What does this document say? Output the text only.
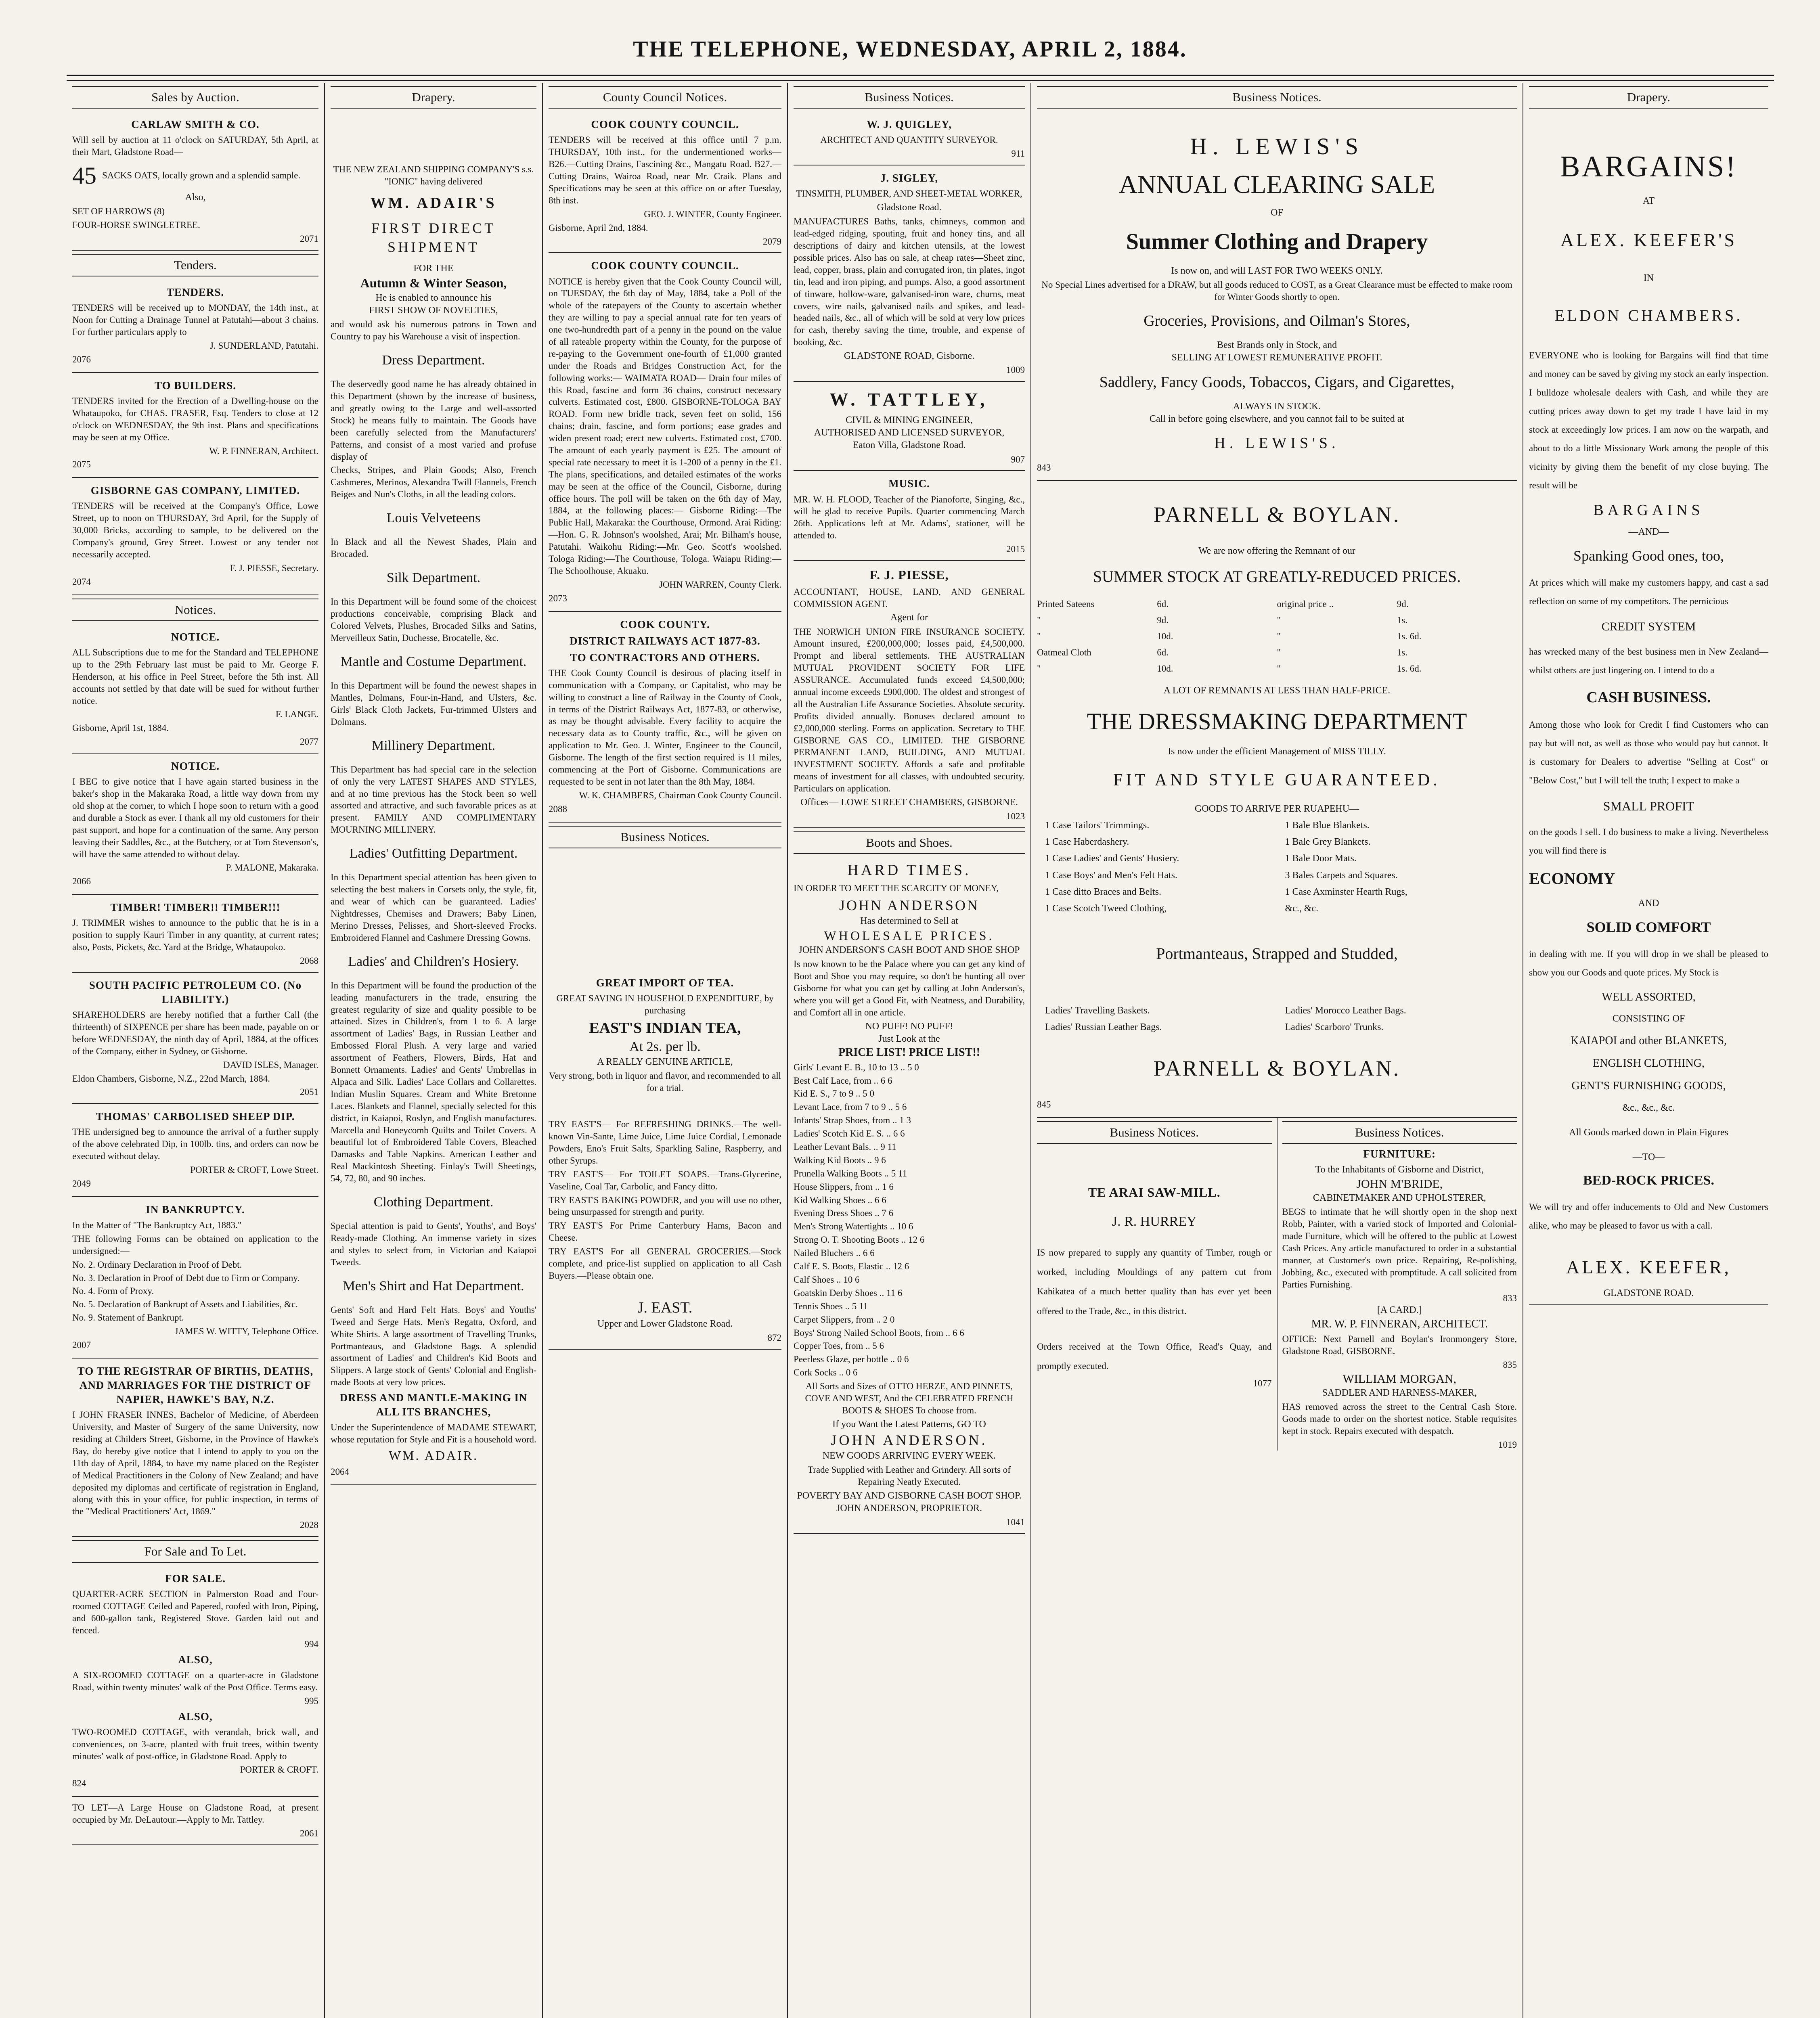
THE TELEPHONE, WEDNESDAY, APRIL 2, 1884.
Sales by Auction.
CARLAW SMITH & CO.
Will sell by auction at 11 o'clock on SATURDAY, 5th April, at their Mart, Gladstone Road—
45 SACKS OATS, locally grown and a splendid sample.
Also,
SET OF HARROWS (8)
FOUR-HORSE SWINGLETREE.
2071
Tenders.
TENDERS.
TENDERS will be received up to MONDAY, the 14th inst., at Noon for Cutting a Drainage Tunnel at Patutahi—about 3 chains. For further particulars apply to
J. SUNDERLAND, Patutahi.
2076
TO BUILDERS.
TENDERS invited for the Erection of a Dwelling-house on the Whataupoko, for CHAS. FRASER, Esq. Tenders to close at 12 o'clock on WEDNESDAY, the 9th inst. Plans and specifications may be seen at my Office.
W. P. FINNERAN, Architect.
2075
GISBORNE GAS COMPANY, LIMITED.
TENDERS will be received at the Company's Office, Lowe Street, up to noon on THURSDAY, 3rd April, for the Supply of 30,000 Bricks, according to sample, to be delivered on the Company's ground, Grey Street. Lowest or any tender not necessarily accepted.
F. J. PIESSE, Secretary.
2074
Notices.
NOTICE.
ALL Subscriptions due to me for the Standard and TELEPHONE up to the 29th February last must be paid to Mr. George F. Henderson, at his office in Peel Street, before the 5th inst. All accounts not settled by that date will be sued for without further notice.
F. LANGE.
Gisborne, April 1st, 1884.
2077
NOTICE.
I BEG to give notice that I have again started business in the baker's shop in the Makaraka Road, a little way down from my old shop at the corner, to which I hope soon to return with a good and durable a Stock as ever. I thank all my old customers for their past support, and hope for a continuation of the same. Any person leaving their Saddles, &c., at the Butchery, or at Tom Stevenson's, will have the same attended to without delay.
P. MALONE, Makaraka.
2066
TIMBER! TIMBER!! TIMBER!!!
J. TRIMMER wishes to announce to the public that he is in a position to supply Kauri Timber in any quantity, at current rates; also, Posts, Pickets, &c. Yard at the Bridge, Whataupoko.
2068
SOUTH PACIFIC PETROLEUM CO. (No LIABILITY.)
SHAREHOLDERS are hereby notified that a further Call (the thirteenth) of SIXPENCE per share has been made, payable on or before WEDNESDAY, the ninth day of April, 1884, at the offices of the Company, either in Sydney, or Gisborne.
DAVID ISLES, Manager.
Eldon Chambers, Gisborne, N.Z., 22nd March, 1884.
2051
THOMAS' CARBOLISED SHEEP DIP.
THE undersigned beg to announce the arrival of a further supply of the above celebrated Dip, in 100lb. tins, and orders can now be executed without delay.
PORTER & CROFT, Lowe Street.
2049
IN BANKRUPTCY.
In the Matter of "The Bankruptcy Act, 1883."
THE following Forms can be obtained on application to the undersigned:—
No. 2. Ordinary Declaration in Proof of Debt.
No. 3. Declaration in Proof of Debt due to Firm or Company.
No. 4. Form of Proxy.
No. 5. Declaration of Bankrupt of Assets and Liabilities, &c.
No. 9. Statement of Bankrupt.
JAMES W. WITTY, Telephone Office.
2007
TO THE REGISTRAR OF BIRTHS, DEATHS, AND MARRIAGES FOR THE DISTRICT OF NAPIER, HAWKE'S BAY, N.Z.
I JOHN FRASER INNES, Bachelor of Medicine, of Aberdeen University, and Master of Surgery of the same University, now residing at Childers Street, Gisborne, in the Province of Hawke's Bay, do hereby give notice that I intend to apply to you on the 11th day of April, 1884, to have my name placed on the Register of Medical Practitioners in the Colony of New Zealand; and have deposited my diplomas and certificate of registration in England, along with this in your office, for public inspection, in terms of the "Medical Practitioners' Act, 1869."
2028
For Sale and To Let.
FOR SALE.
QUARTER-ACRE SECTION in Palmerston Road and Four-roomed COTTAGE Ceiled and Papered, roofed with Iron, Piping, and 600-gallon tank, Registered Stove. Garden laid out and fenced.
994
ALSO,
A SIX-ROOMED COTTAGE on a quarter-acre in Gladstone Road, within twenty minutes' walk of the Post Office. Terms easy.
995
ALSO,
TWO-ROOMED COTTAGE, with verandah, brick wall, and conveniences, on 3-acre, planted with fruit trees, within twenty minutes' walk of post-office, in Gladstone Road. Apply to
PORTER & CROFT.
824
TO LET—A Large House on Gladstone Road, at present occupied by Mr. DeLautour.—Apply to Mr. Tattley.
2061
Drapery.
THE NEW ZEALAND SHIPPING COMPANY'S s.s. "IONIC" having delivered
WM. ADAIR'S
FIRST DIRECT SHIPMENT
FOR THE
Autumn & Winter Season,
He is enabled to announce his
FIRST SHOW OF NOVELTIES,
and would ask his numerous patrons in Town and Country to pay his Warehouse a visit of inspection.
Dress Department.
The deservedly good name he has already obtained in this Department (shown by the increase of business, and greatly owing to the Large and well-assorted Stock) he means fully to maintain. The Goods have been carefully selected from the Manufacturers' Patterns, and consist of a most varied and profuse display of
Checks, Stripes, and Plain Goods; Also, French Cashmeres, Merinos, Alexandra Twill Flannels, French Beiges and Nun's Cloths, in all the leading colors.
Louis Velveteens
In Black and all the Newest Shades, Plain and Brocaded.
Silk Department.
In this Department will be found some of the choicest productions conceivable, comprising Black and Colored Velvets, Plushes, Brocaded Silks and Satins, Merveilleux Satin, Duchesse, Brocatelle, &c.
Mantle and Costume Department.
In this Department will be found the newest shapes in Mantles, Dolmans, Four-in-Hand, and Ulsters, &c. Girls' Black Cloth Jackets, Fur-trimmed Ulsters and Dolmans.
Millinery Department.
This Department has had special care in the selection of only the very LATEST SHAPES AND STYLES, and at no time previous has the Stock been so well assorted and attractive, and such favorable prices as at present. FAMILY AND COMPLIMENTARY MOURNING MILLINERY.
Ladies' Outfitting Department.
In this Department special attention has been given to selecting the best makers in Corsets only, the style, fit, and wear of which can be guaranteed. Ladies' Nightdresses, Chemises and Drawers; Baby Linen, Merino Dresses, Pelisses, and Short-sleeved Frocks. Embroidered Flannel and Cashmere Dressing Gowns.
Ladies' and Children's Hosiery.
In this Department will be found the production of the leading manufacturers in the trade, ensuring the greatest regularity of size and quality possible to be attained. Sizes in Children's, from 1 to 6. A large assortment of Ladies' Bags, in Russian Leather and Embossed Floral Plush. A very large and varied assortment of Feathers, Flowers, Birds, Hat and Bonnett Ornaments. Ladies' and Gents' Umbrellas in Alpaca and Silk. Ladies' Lace Collars and Collarettes. Indian Muslin Squares. Cream and White Bretonne Laces. Blankets and Flannel, specially selected for this district, in Kaiapoi, Roslyn, and English manufactures. Marcella and Honeycomb Quilts and Toilet Covers. A beautiful lot of Embroidered Table Covers, Bleached Damasks and Table Napkins. American Leather and Real Mackintosh Sheeting. Finlay's Twill Sheetings, 54, 72, 80, and 90 inches.
Clothing Department.
Special attention is paid to Gents', Youths', and Boys' Ready-made Clothing. An immense variety in sizes and styles to select from, in Victorian and Kaiapoi Tweeds.
Men's Shirt and Hat Department.
Gents' Soft and Hard Felt Hats. Boys' and Youths' Tweed and Serge Hats. Men's Regatta, Oxford, and White Shirts. A large assortment of Travelling Trunks, Portmanteaus, and Gladstone Bags. A splendid assortment of Ladies' and Children's Kid Boots and Slippers. A large stock of Gents' Colonial and English-made Boots at very low prices.
DRESS AND MANTLE-MAKING IN ALL ITS BRANCHES,
Under the Superintendence of MADAME STEWART, whose reputation for Style and Fit is a household word.
WM. ADAIR.
2064
County Council Notices.
COOK COUNTY COUNCIL.
TENDERS will be received at this office until 7 p.m. THURSDAY, 10th inst., for the undermentioned works— B26.—Cutting Drains, Fascining &c., Mangatu Road. B27.—Cutting Drains, Wairoa Road, near Mr. Craik. Plans and Specifications may be seen at this office on or after Tuesday, 8th inst.
GEO. J. WINTER, County Engineer.
Gisborne, April 2nd, 1884.
2079
COOK COUNTY COUNCIL.
NOTICE is hereby given that the Cook County Council will, on TUESDAY, the 6th day of May, 1884, take a Poll of the whole of the ratepayers of the County to ascertain whether they are willing to pay a special annual rate for ten years of one two-hundredth part of a penny in the pound on the value of all rateable property within the County, for the purpose of re-paying to the Government one-fourth of £1,000 granted under the Roads and Bridges Construction Act, for the following works:— WAIMATA ROAD— Drain four miles of this Road, fascine and form 36 chains, construct necessary culverts. Estimated cost, £800. GISBORNE-TOLOGA BAY ROAD. Form new bridle track, seven feet on solid, 156 chains; drain, fascine, and form portions; ease grades and widen present road; erect new culverts. Estimated cost, £700. The amount of each yearly payment is £25. The amount of special rate necessary to meet it is 1-200 of a penny in the £1. The plans, specifications, and detailed estimates of the works may be seen at the office of the Council, Gisborne, during office hours. The poll will be taken on the 6th day of May, 1884, at the following places:— Gisborne Riding:—The Public Hall, Makaraka: the Courthouse, Ormond. Arai Riding:—Hon. G. R. Johnson's woolshed, Arai; Mr. Bilham's house, Patutahi. Waikohu Riding:—Mr. Geo. Scott's woolshed. Tologa Riding:—The Courthouse, Tologa. Waiapu Riding:—The Schoolhouse, Akuaku.
JOHN WARREN, County Clerk.
2073
COOK COUNTY.
DISTRICT RAILWAYS ACT 1877-83.
TO CONTRACTORS AND OTHERS.
THE Cook County Council is desirous of placing itself in communication with a Company, or Capitalist, who may be willing to construct a line of Railway in the County of Cook, in terms of the District Railways Act, 1877-83, or otherwise, as may be thought advisable. Every facility to acquire the necessary data as to County traffic, &c., will be given on application to Mr. Geo. J. Winter, Engineer to the Council, Gisborne. The length of the first section required is 11 miles, commencing at the Port of Gisborne. Communications are requested to be sent in not later than the 8th May, 1884.
W. K. CHAMBERS, Chairman Cook County Council.
2088
Business Notices.
GREAT IMPORT OF TEA.
GREAT SAVING IN HOUSEHOLD EXPENDITURE, by purchasing
EAST'S INDIAN TEA,
At 2s. per lb.
A REALLY GENUINE ARTICLE,
Very strong, both in liquor and flavor, and recommended to all for a trial.
TRY EAST'S— For REFRESHING DRINKS.—The well-known Vin-Sante, Lime Juice, Lime Juice Cordial, Lemonade Powders, Eno's Fruit Salts, Sparkling Saline, Raspberry, and other Syrups.
TRY EAST'S— For TOILET SOAPS.—Trans-Glycerine, Vaseline, Coal Tar, Carbolic, and Fancy ditto.
TRY EAST'S BAKING POWDER, and you will use no other, being unsurpassed for strength and purity.
TRY EAST'S For Prime Canterbury Hams, Bacon and Cheese.
TRY EAST'S For all GENERAL GROCERIES.—Stock complete, and price-list supplied on application to all Cash Buyers.—Please obtain one.
J. EAST.
Upper and Lower Gladstone Road.
872
Business Notices.
W. J. QUIGLEY,
ARCHITECT AND QUANTITY SURVEYOR.
911
J. SIGLEY,
TINSMITH, PLUMBER, AND SHEET-METAL WORKER,
Gladstone Road.
MANUFACTURES Baths, tanks, chimneys, common and lead-edged ridging, spouting, fruit and honey tins, and all descriptions of dairy and kitchen utensils, at the lowest possible prices. Also has on sale, at cheap rates—Sheet zinc, lead, copper, brass, plain and corrugated iron, tin plates, ingot tin, lead and iron piping, and pumps. Also, a good assortment of tinware, hollow-ware, galvanised-iron ware, churns, meat covers, wire nails, galvanised nails and spikes, and lead-headed nails, &c., all of which will be sold at very low prices for cash, thereby saving the time, trouble, and expense of booking, &c.
GLADSTONE ROAD, Gisborne.
1009
W. TATTLEY,
CIVIL & MINING ENGINEER,
AUTHORISED AND LICENSED SURVEYOR,
Eaton Villa, Gladstone Road.
907
MUSIC.
MR. W. H. FLOOD, Teacher of the Pianoforte, Singing, &c., will be glad to receive Pupils. Quarter commencing March 26th. Applications left at Mr. Adams', stationer, will be attended to.
2015
F. J. PIESSE,
ACCOUNTANT, HOUSE, LAND, AND GENERAL COMMISSION AGENT.
Agent for
THE NORWICH UNION FIRE INSURANCE SOCIETY. Amount insured, £200,000,000; losses paid, £4,500,000. Prompt and liberal settlements. THE AUSTRALIAN MUTUAL PROVIDENT SOCIETY FOR LIFE ASSURANCE. Accumulated funds exceed £4,500,000; annual income exceeds £900,000. The oldest and strongest of all the Australian Life Assurance Societies. Absolute security. Profits divided annually. Bonuses declared amount to £2,000,000 sterling. Forms on application. Secretary to THE GISBORNE GAS CO., LIMITED. THE GISBORNE PERMANENT LAND, BUILDING, AND MUTUAL INVESTMENT SOCIETY. Affords a safe and profitable means of investment for all classes, with undoubted security. Particulars on application.
Offices— LOWE STREET CHAMBERS, GISBORNE.
1023
Boots and Shoes.
HARD TIMES.
IN ORDER TO MEET THE SCARCITY OF MONEY,
JOHN ANDERSON
Has determined to Sell at
WHOLESALE PRICES.
JOHN ANDERSON'S CASH BOOT AND SHOE SHOP
Is now known to be the Palace where you can get any kind of Boot and Shoe you may require, so don't be hunting all over Gisborne for what you can get by calling at John Anderson's, where you will get a Good Fit, with Neatness, and Durability, and Comfort all in one article.
NO PUFF! NO PUFF!
Just Look at the
PRICE LIST! PRICE LIST!!
Girls' Levant E. B., 10 to 13 .. 5 0
Best Calf Lace, from .. 6 6
Kid E. S., 7 to 9 .. 5 0
Levant Lace, from 7 to 9 .. 5 6
Infants' Strap Shoes, from .. 1 3
Ladies' Scotch Kid E. S. .. 6 6
Leather Levant Bals. .. 9 11
Walking Kid Boots .. 9 6
Prunella Walking Boots .. 5 11
House Slippers, from .. 1 6
Kid Walking Shoes .. 6 6
Evening Dress Shoes .. 7 6
Men's Strong Watertights .. 10 6
Strong O. T. Shooting Boots .. 12 6
Nailed Bluchers .. 6 6
Calf E. S. Boots, Elastic .. 12 6
Calf Shoes .. 10 6
Goatskin Derby Shoes .. 11 6
Tennis Shoes .. 5 11
Carpet Slippers, from .. 2 0
Boys' Strong Nailed School Boots, from .. 6 6
Copper Toes, from .. 5 6
Peerless Glaze, per bottle .. 0 6
Cork Socks .. 0 6
All Sorts and Sizes of OTTO HERZE, AND PINNETS, COVE AND WEST, And the CELEBRATED FRENCH BOOTS & SHOES To choose from.
If you Want the Latest Patterns, GO TO
JOHN ANDERSON.
NEW GOODS ARRIVING EVERY WEEK.
Trade Supplied with Leather and Grindery. All sorts of Repairing Neatly Executed.
POVERTY BAY AND GISBORNE CASH BOOT SHOP.
JOHN ANDERSON, PROPRIETOR.
1041
Business Notices.
H. LEWIS'S
ANNUAL CLEARING SALE
OF
Summer Clothing and Drapery
Is now on, and will LAST FOR TWO WEEKS ONLY.
No Special Lines advertised for a DRAW, but all goods reduced to COST, as a Great Clearance must be effected to make room for Winter Goods shortly to open.
Groceries, Provisions, and Oilman's Stores,
Best Brands only in Stock, and
SELLING AT LOWEST REMUNERATIVE PROFIT.
Saddlery, Fancy Goods, Tobaccos, Cigars, and Cigarettes,
ALWAYS IN STOCK.
Call in before going elsewhere, and you cannot fail to be suited at
H. LEWIS'S.
843
PARNELL & BOYLAN.
We are now offering the Remnant of our
SUMMER STOCK AT GREATLY-REDUCED PRICES.
Printed Sateens	6d.	original price ..	9d.
"	9d.	"	1s.
"	10d.	"	1s. 6d.
Oatmeal Cloth	6d.	"	1s.
"	10d.	"	1s. 6d.
A LOT OF REMNANTS AT LESS THAN HALF-PRICE.
THE DRESSMAKING DEPARTMENT
Is now under the efficient Management of MISS TILLY.
FIT AND STYLE GUARANTEED.
GOODS TO ARRIVE PER RUAPEHU—
1 Case Tailors' Trimmings.	1 Bale Blue Blankets.
1 Case Haberdashery.	1 Bale Grey Blankets.
1 Case Ladies' and Gents' Hosiery.	1 Bale Door Mats.
1 Case Boys' and Men's Felt Hats.	3 Bales Carpets and Squares.
1 Case ditto Braces and Belts.	1 Case Axminster Hearth Rugs,
1 Case Scotch Tweed Clothing,	&c., &c.
Portmanteaus, Strapped and Studded,
Ladies' Travelling Baskets.	Ladies' Morocco Leather Bags.
Ladies' Russian Leather Bags.	Ladies' Scarboro' Trunks.
PARNELL & BOYLAN.
845
Business Notices.
TE ARAI SAW-MILL.
J. R. HURREY
IS now prepared to supply any quantity of Timber, rough or worked, including Mouldings of any pattern cut from Kahikatea of a much better quality than has ever yet been offered to the Trade, &c., in this district.
Orders received at the Town Office, Read's Quay, and promptly executed.
1077
Business Notices.
FURNITURE:
To the Inhabitants of Gisborne and District,
JOHN M'BRIDE,
CABINETMAKER AND UPHOLSTERER,
BEGS to intimate that he will shortly open in the shop next Robb, Painter, with a varied stock of Imported and Colonial-made Furniture, which will be offered to the public at Lowest Cash Prices. Any article manufactured to order in a substantial manner, at Customer's own price. Repairing, Re-polishing, Jobbing, &c., executed with promptitude. A call solicited from Parties Furnishing.
833
[A CARD.]
MR. W. P. FINNERAN, ARCHITECT.
OFFICE: Next Parnell and Boylan's Ironmongery Store, Gladstone Road, GISBORNE.
835
WILLIAM MORGAN,
SADDLER AND HARNESS-MAKER,
HAS removed across the street to the Central Cash Store. Goods made to order on the shortest notice. Stable requisites kept in stock. Repairs executed with despatch.
1019
Drapery.
BARGAINS!
AT
ALEX. KEEFER'S
IN
ELDON CHAMBERS.
EVERYONE who is looking for Bargains will find that time and money can be saved by giving my stock an early inspection. I bulldoze wholesale dealers with Cash, and while they are cutting prices away down to get my trade I have laid in my stock at exceedingly low prices. I am now on the warpath, and about to do a little Missionary Work among the people of this vicinity by giving them the benefit of my close buying. The result will be
BARGAINS
—AND—
Spanking Good ones, too,
At prices which will make my customers happy, and cast a sad reflection on some of my competitors. The pernicious
CREDIT SYSTEM
has wrecked many of the best business men in New Zealand—whilst others are just lingering on. I intend to do a
CASH BUSINESS.
Among those who look for Credit I find Customers who can pay but will not, as well as those who would pay but cannot. It is customary for Dealers to advertise "Selling at Cost" or "Below Cost," but I will tell the truth; I expect to make a
SMALL PROFIT
on the goods I sell. I do business to make a living. Nevertheless you will find there is
ECONOMY
AND
SOLID COMFORT
in dealing with me. If you will drop in we shall be pleased to show you our Goods and quote prices. My Stock is
WELL ASSORTED,
CONSISTING OF
KAIAPOI and other BLANKETS,
ENGLISH CLOTHING,
GENT'S FURNISHING GOODS,
&c., &c., &c.
All Goods marked down in Plain Figures
—TO—
BED-ROCK PRICES.
We will try and offer inducements to Old and New Customers alike, who may be pleased to favor us with a call.
ALEX. KEEFER,
GLADSTONE ROAD.
